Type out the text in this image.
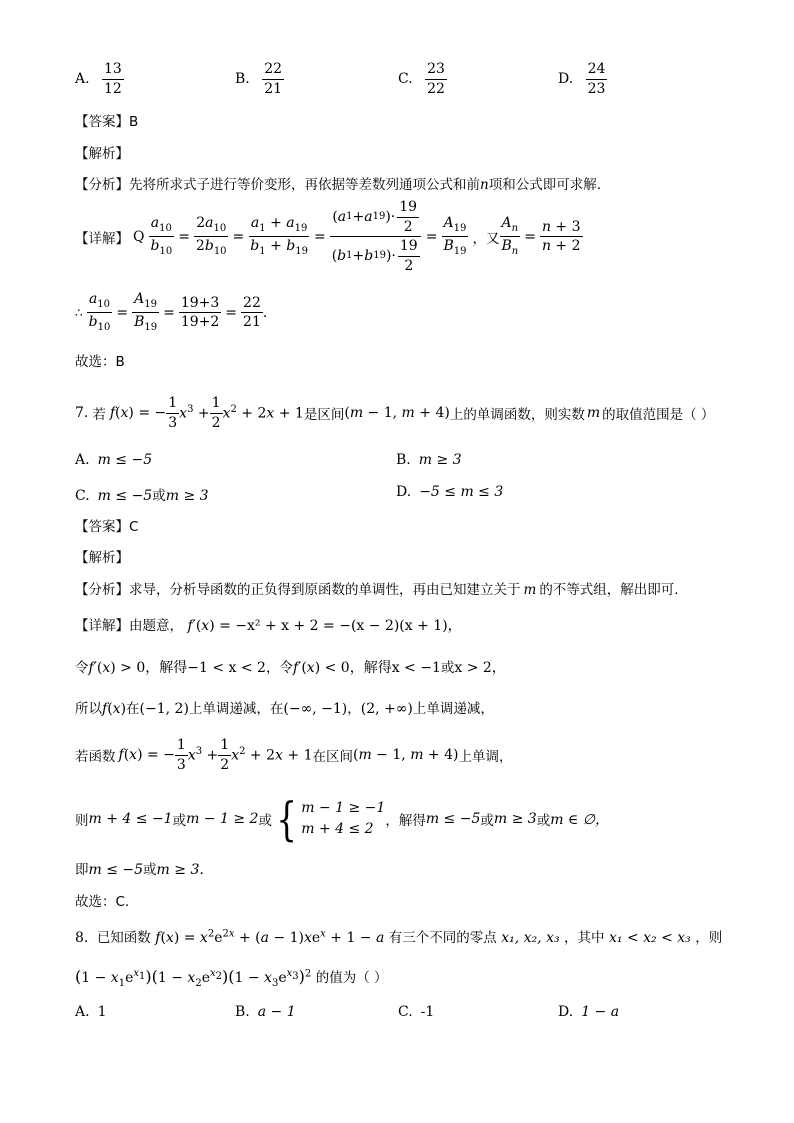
A. $\frac{13}{12}$	B. $\frac{22}{21}$	C. $\frac{23}{22}$	D. $\frac{24}{23}$
【答案】B
【解析】
【分析】先将所求式子进行等价变形，再依据等差数列通项公式和前n项和公式即可求解.
【详解】 Q $\frac{a_{10}}{b_{10}} = \frac{2a_{10}}{2b_{10}} = \frac{a_1 + a_{19}}{b_1 + b_{19}} = \frac{( a 1 + a 19 )\cdot \frac{19}{2}}{( b 1 + b 19 )\cdot \frac{19}{2}} = \frac{A_{19}}{B_{19}}$ ，又 $\frac{A_n}{B_n} = \frac{n + 3}{n + 2}$
∴ $\frac{a_{10}}{b_{10}} = \frac{A_{19}}{B_{19}} = \frac{19+3}{19+2} = \frac{22}{21}$ .
故选：B
7. 若 f(x) = − $\frac{1}{3} x^3 + \frac{1}{2} x^2 + 2x + 1$ 是区间 (m − 1, m + 4) 上的单调函数，则实数 m 的取值范围是（ ）
A. m ≤ −5	B. m ≥ 3
C. m ≤ −5或m ≥ 3	D. −5 ≤ m ≤ 3
【答案】C
【解析】
【分析】求导，分析导函数的正负得到原函数的单调性，再由已知建立关于 m 的不等式组，解出即可.
【详解】由题意， f′(x) = −x² + x + 2 = −(x − 2)(x + 1)，
令f′(x) > 0，解得−1 < x < 2，令f′(x) < 0，解得x < −1或x > 2，
所以f(x)在(−1, 2)上单调递减，在(−∞, −1)，(2, +∞)上单调递减，
若函数 f(x) = − $\frac{1}{3} x^3 + \frac{1}{2} x^2 + 2x + 1$ 在区间 (m − 1, m + 4) 上单调，
则 m + 4 ≤ −1 或 m − 1 ≥ 2 或 { m − 1 ≥ −1
m + 4 ≤ 2 ，解得 m ≤ −5 或 m ≥ 3 或 m ∈ ∅，
即m ≤ −5或m ≥ 3.
故选：C.
8. 已知函数 $f(x) = x^2e^{2x} + (a - 1)xe^x + 1 - a$ 有三个不同的零点 x₁, x₂, x₃ ，其中 x₁ < x₂ < x₃ ，则
$(1 - x_1e^{x_1})(1 - x_2e^{x_2})(1 - x_3e^{x_3})^2$ 的值为（ ）
A. 1	B. a − 1	C. -1	D. 1 − a
